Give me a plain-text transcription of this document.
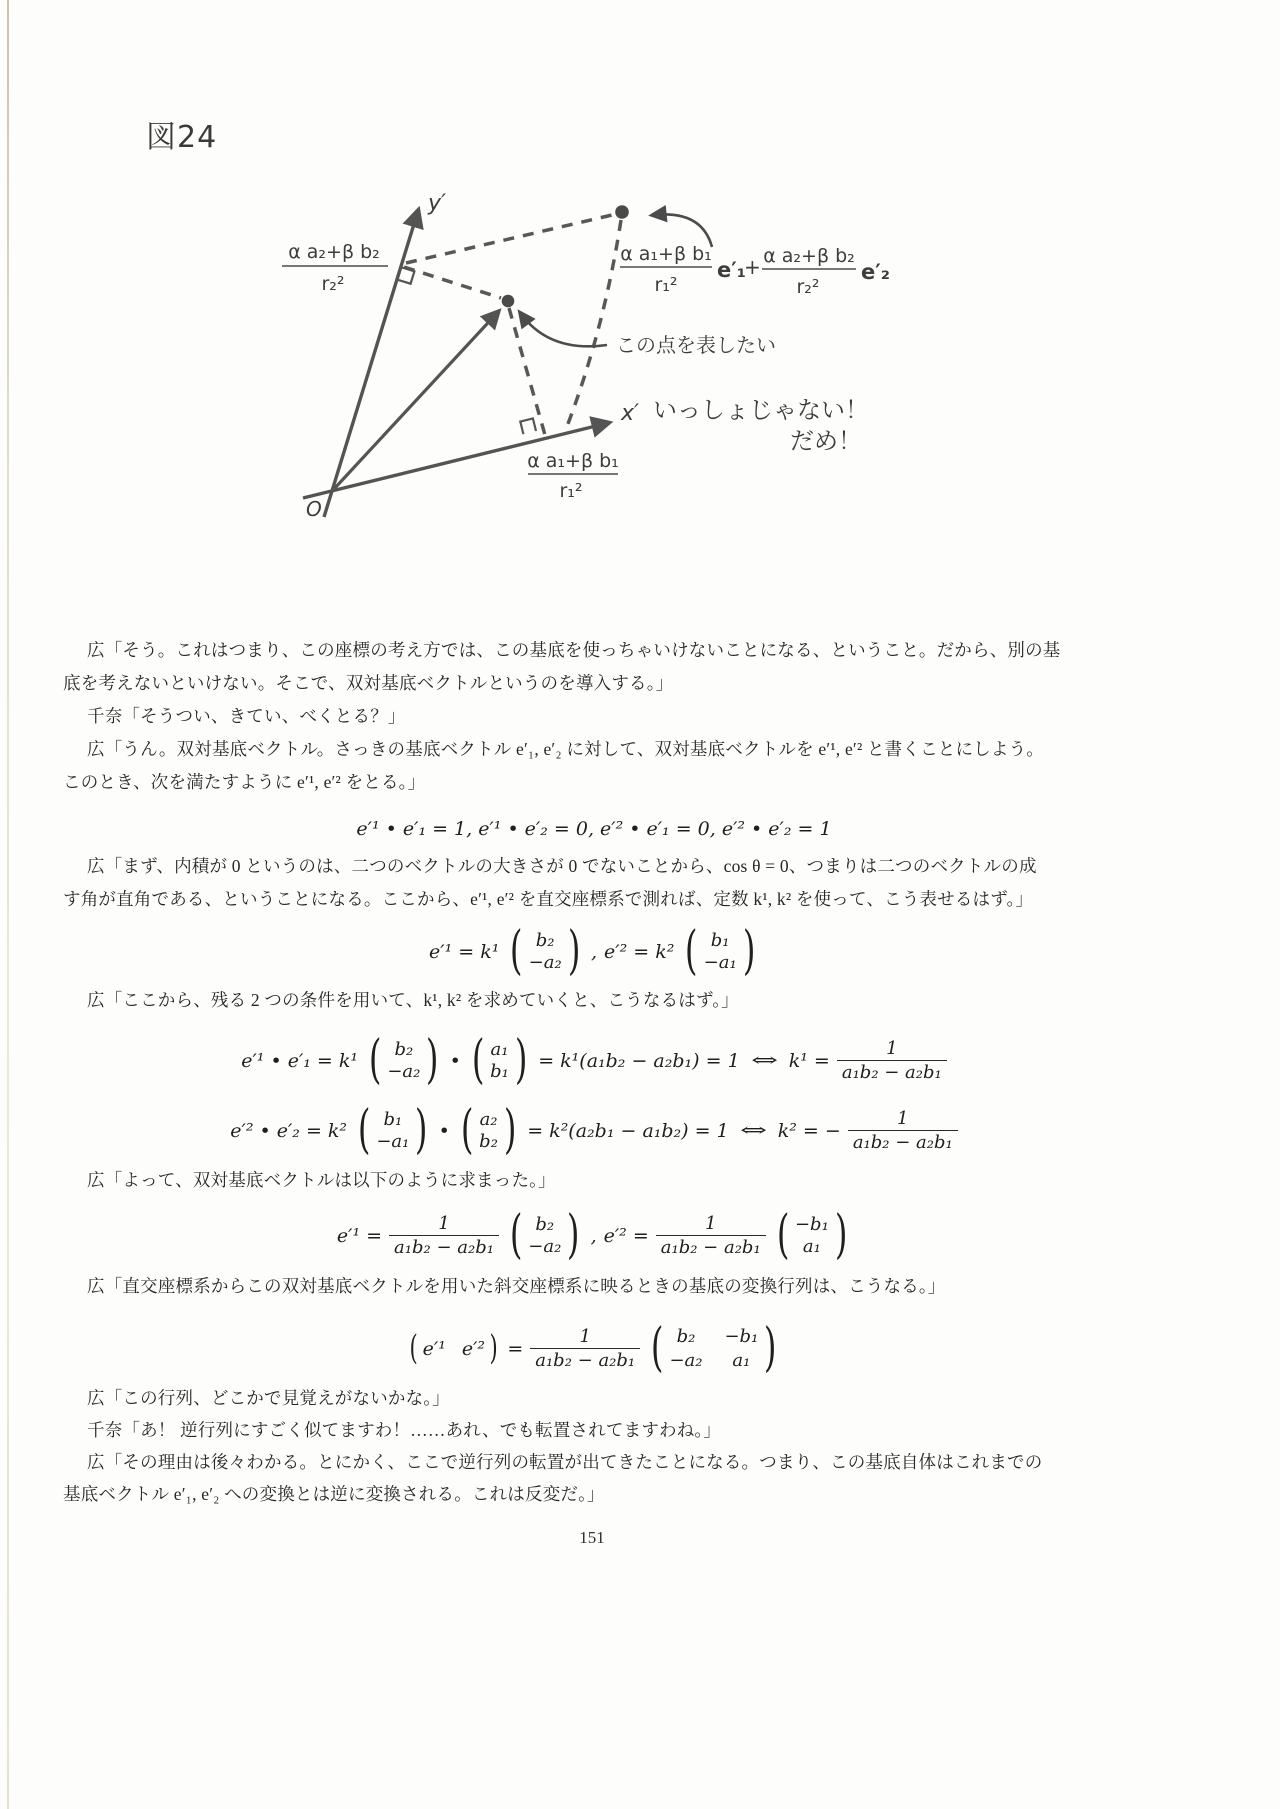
図24
y′
x′
O
α a₂+β b₂
r₂²
α a₁+β b₁
r₁²
α a₁+β b₁
r₁²
e′₁
+ α a₂+β b₂
r₂²
e′₂
この点を表したい
いっしょじゃない！
だめ！
広「そう。これはつまり、この座標の考え方では、この基底を使っちゃいけないことになる、ということ。だから、別の基
底を考えないといけない。そこで、双対基底ベクトルというのを導入する。」
千奈「そうつい、きてい、べくとる？」
広「うん。双対基底ベクトル。さっきの基底ベクトル e′₁, e′₂ に対して、双対基底ベクトルを e′¹, e′² と書くことにしよう。
このとき、次を満たすように e′¹, e′² をとる。」
e′¹ • e′₁ = 1, e′¹ • e′₂ = 0, e′² • e′₁ = 0, e′² • e′₂ = 1
広「まず、内積が 0 というのは、二つのベクトルの大きさが 0 でないことから、cos θ = 0、つまりは二つのベクトルの成
す角が直角である、ということになる。ここから、e′¹, e′² を直交座標系で測れば、定数 k¹, k² を使って、こう表せるはず。」
e′¹ = k¹ ( b₂
−a₂ ) , e′² = k² ( b₁
−a₁ )
広「ここから、残る 2 つの条件を用いて、k¹, k² を求めていくと、こうなるはず。」
e′¹ • e′₁ = k¹ ( b₂
−a₂ ) • ( a₁
b₁ ) = k¹(a₁b₂ − a₂b₁) = 1 ⇔ $k^1 = \frac{1}{\text{a₁b₂ − a₂b₁}}$
e′² • e′₂ = k² ( b₁
−a₁ ) • ( a₂
b₂ ) = k²(a₂b₁ − a₁b₂) = 1 ⇔ k² = − $\frac{1}{\text{a₁b₂ − a₂b₁}}$
広「よって、双対基底ベクトルは以下のように求まった。」
$e'^1 = \frac{1}{\text{a₁b₂ − a₂b₁}}$ ( b₂
−a₂ ) , $e'^2 = \frac{1}{\text{a₁b₂ − a₂b₁}}$ ( −b₁
a₁ )
広「直交座標系からこの双対基底ベクトルを用いた斜交座標系に映るときの基底の変換行列は、こうなる。」
( e′¹ e′² ) = $\frac{1}{\text{a₁b₂ − a₂b₁}}$ ( b₂ −b₁
−a₂ a₁ )
広「この行列、どこかで見覚えがないかな。」
千奈「あ！ 逆行列にすごく似てますわ！……あれ、でも転置されてますわね。」
広「その理由は後々わかる。とにかく、ここで逆行列の転置が出てきたことになる。つまり、この基底自体はこれまでの
基底ベクトル e′₁, e′₂ への変換とは逆に変換される。これは反変だ。」
151
